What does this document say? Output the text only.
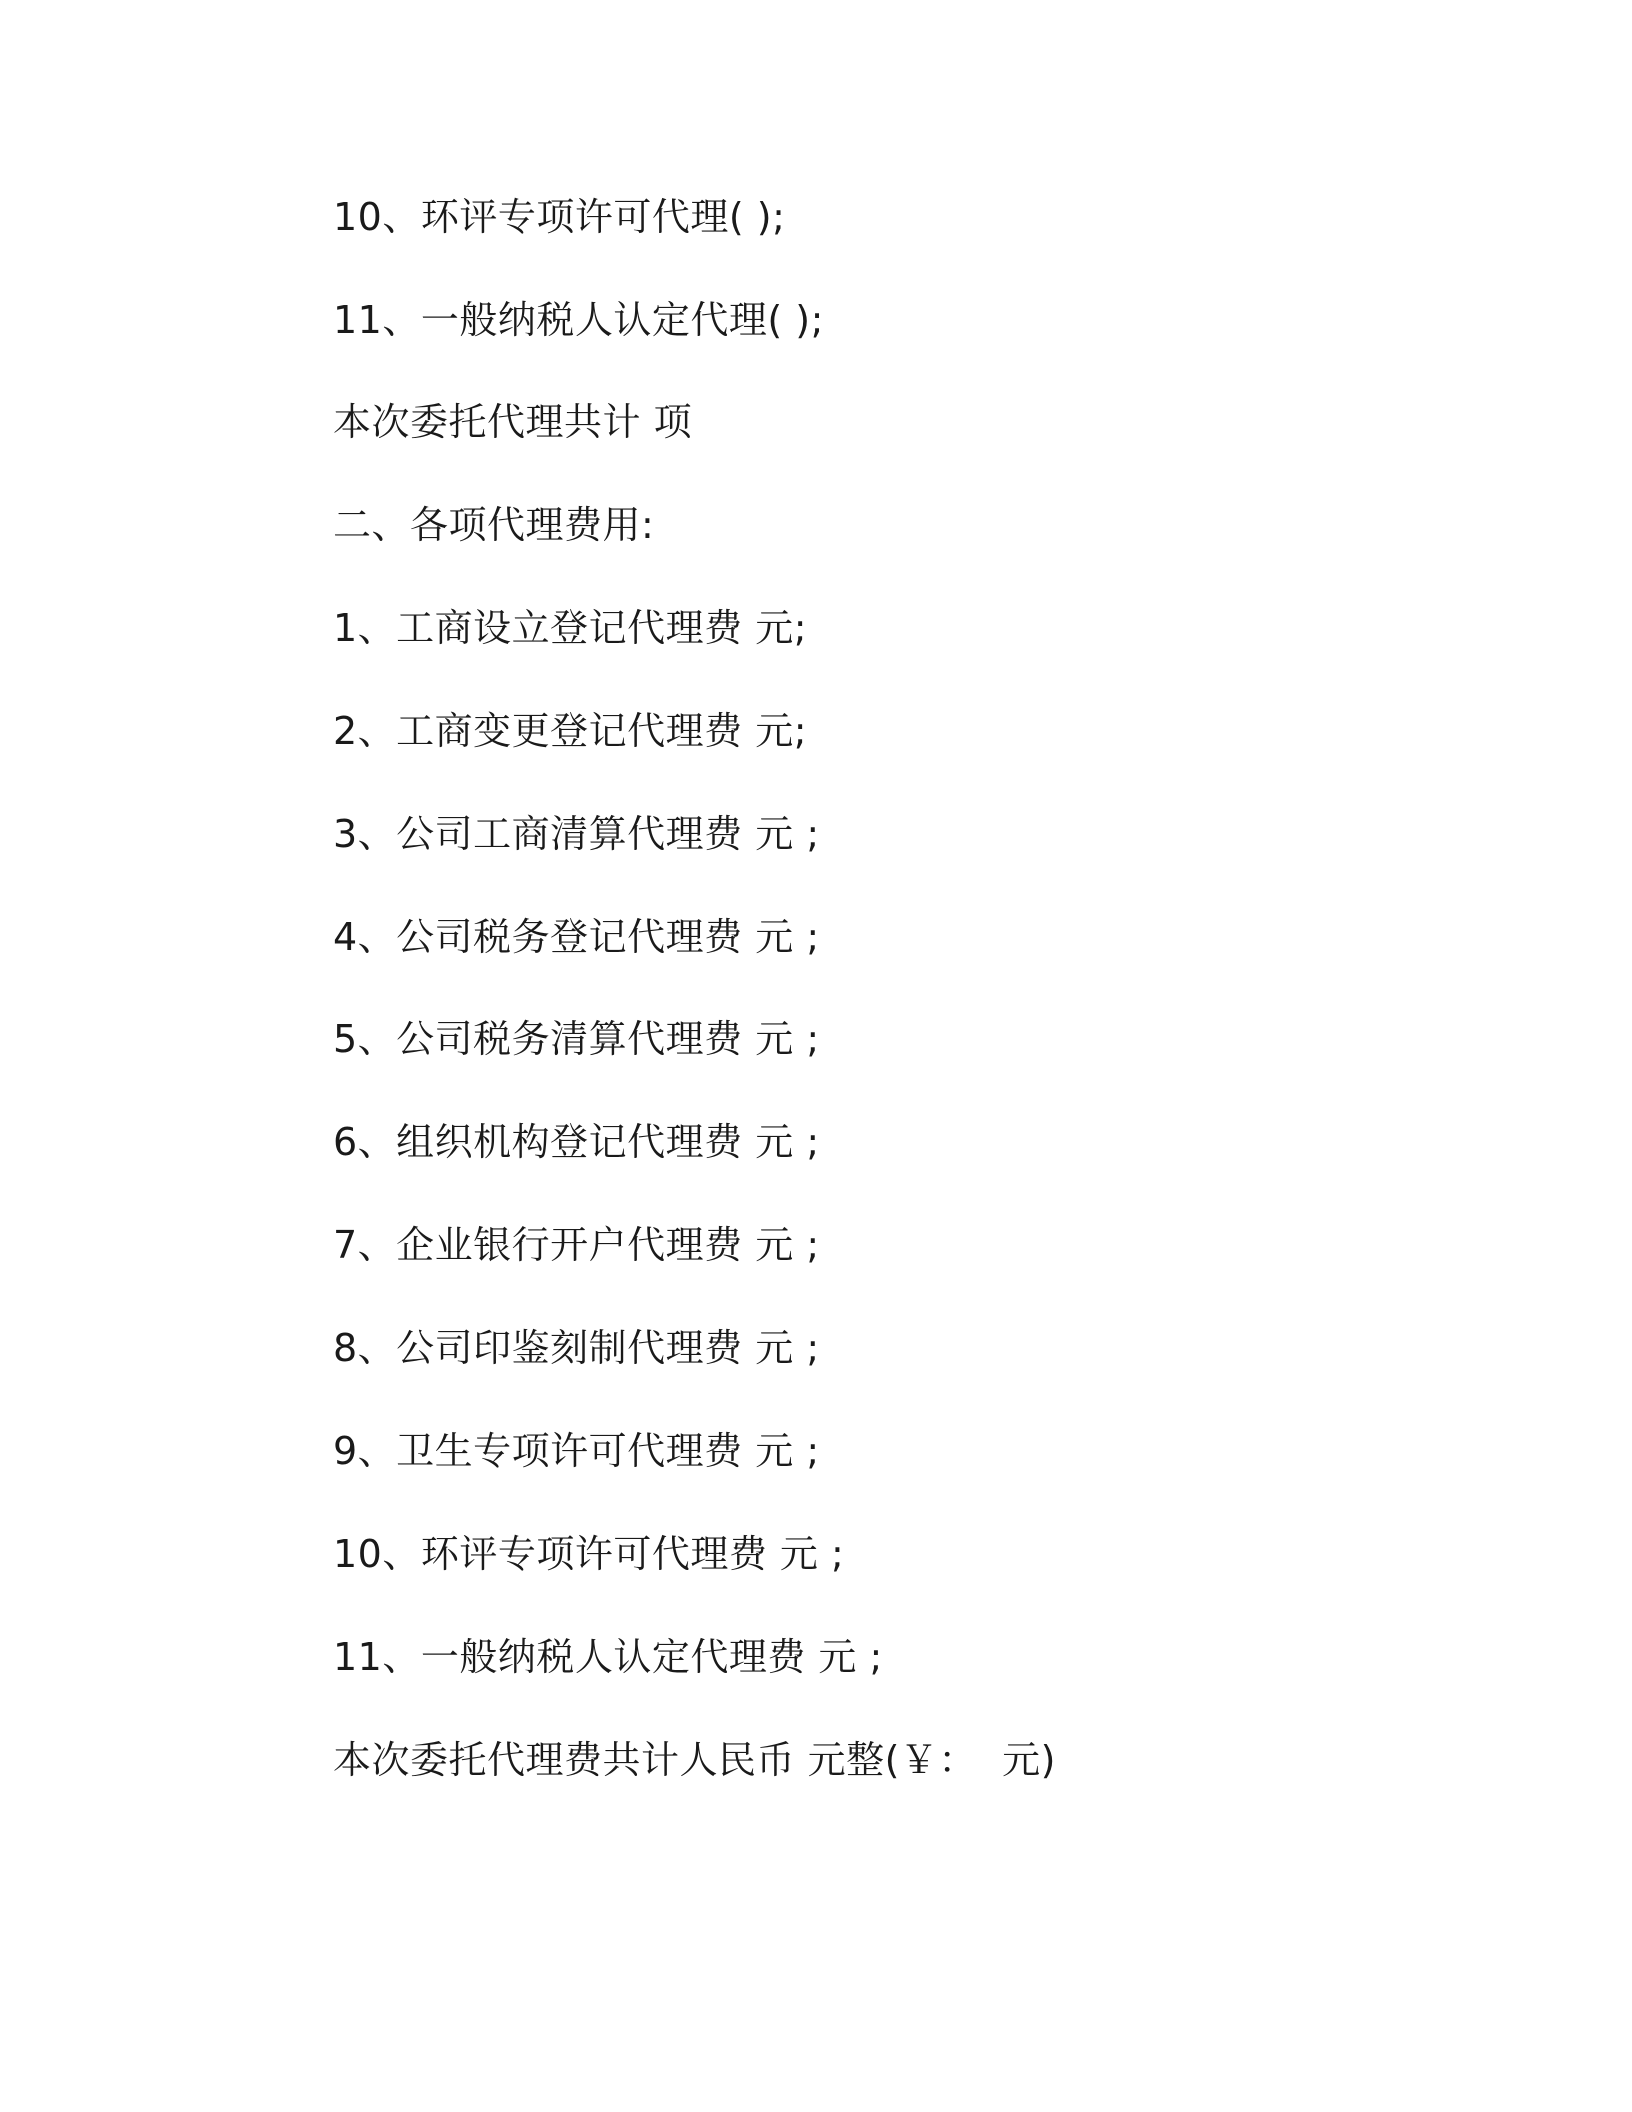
10、环评专项许可代理( );
11、一般纳税人认定代理( );
本次委托代理共计 项
二、各项代理费用:
1、工商设立登记代理费 元;
2、工商变更登记代理费 元;
3、公司工商清算代理费 元 ;
4、公司税务登记代理费 元 ;
5、公司税务清算代理费 元 ;
6、组织机构登记代理费 元 ;
7、企业银行开户代理费 元 ;
8、公司印鉴刻制代理费 元 ;
9、卫生专项许可代理费 元 ;
10、环评专项许可代理费 元 ;
11、一般纳税人认定代理费 元 ;
本次委托代理费共计人民币 元整(￥：  元)
